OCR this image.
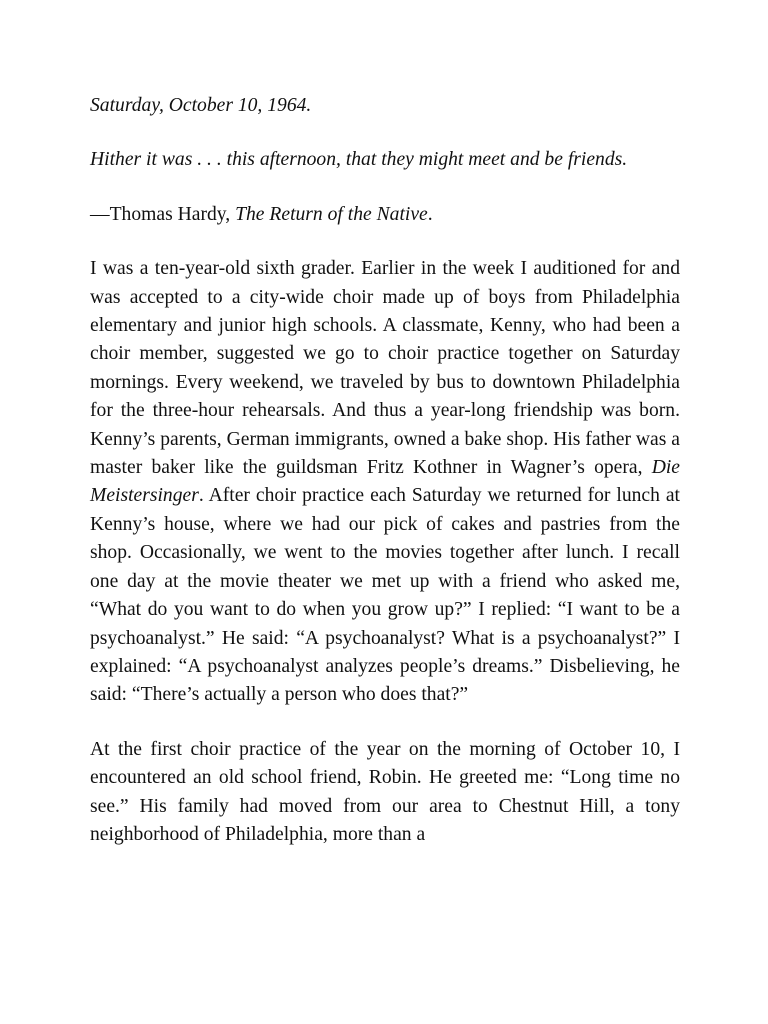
Saturday, October 10, 1964.

Hither it was . . . this afternoon, that they might meet and be friends.

—Thomas Hardy, The Return of the Native.

I was a ten-year-old sixth grader. Earlier in the week I auditioned for and was accepted to a city-wide choir made up of boys from Philadelphia elementary and junior high schools. A classmate, Kenny, who had been a choir member, suggested we go to choir practice together on Saturday mornings. Every weekend, we traveled by bus to downtown Philadelphia for the three-hour rehearsals. And thus a year-long friendship was born. Kenny’s parents, German immigrants, owned a bake shop. His father was a master baker like the guildsman Fritz Kothner in Wagner’s opera, Die Meistersinger. After choir practice each Saturday we returned for lunch at Kenny’s house, where we had our pick of cakes and pastries from the shop. Occasionally, we went to the movies together after lunch. I recall one day at the movie theater we met up with a friend who asked me, “What do you want to do when you grow up?” I replied: “I want to be a psychoanalyst.” He said: “A psychoanalyst? What is a psychoanalyst?” I explained: “A psychoanalyst analyzes people’s dreams.” Disbelieving, he said: “There’s actually a person who does that?”

At the first choir practice of the year on the morning of October 10, I encountered an old school friend, Robin. He greeted me: “Long time no see.” His family had moved from our area to Chestnut Hill, a tony neighborhood of Philadelphia, more than a
